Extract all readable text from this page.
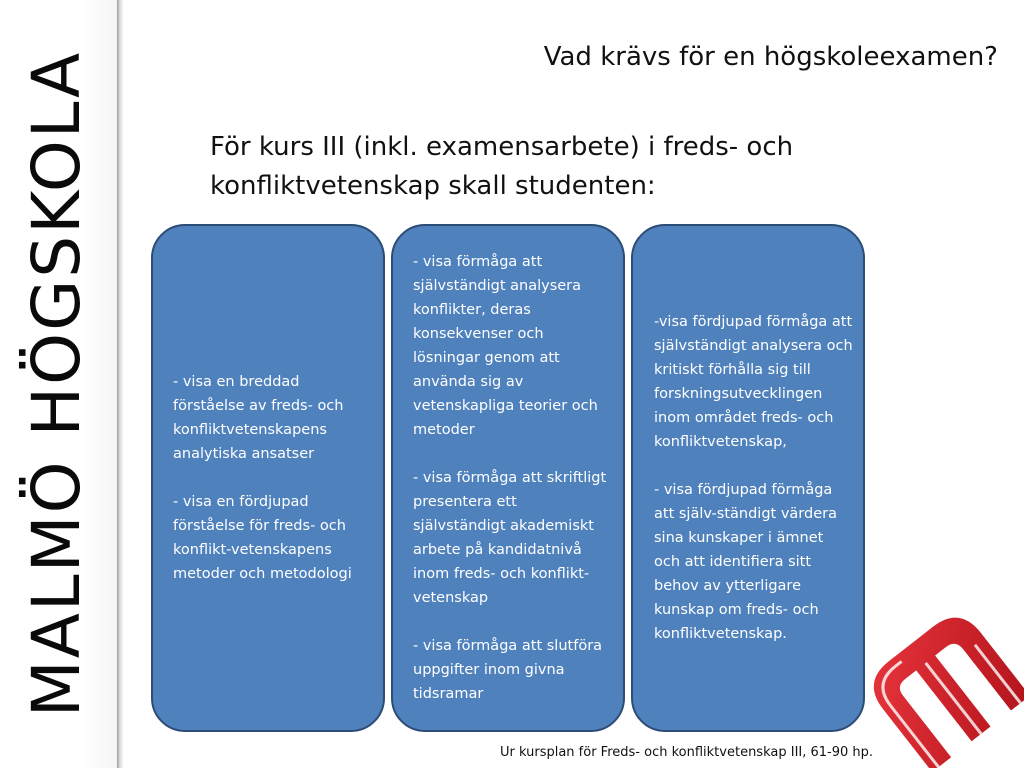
MALMÖ HÖGSKOLA	Vad krävs för en högskoleexamen?
För kurs III (inkl. examensarbete) i freds- och konfliktvetenskap skall studenten:

- visa en breddad förståelse av freds- och konfliktvetenskapens analytiska ansatser

- visa en fördjupad förståelse för freds- och konflikt-vetenskapens metoder och metodologi

- visa förmåga att självständigt analysera konflikter, deras konsekvenser och lösningar genom att använda sig av vetenskapliga teorier och metoder

- visa förmåga att skriftligt presentera ett självständigt akademiskt arbete på kandidatnivå inom freds- och konflikt-vetenskap

- visa förmåga att slutföra uppgifter inom givna tidsramar

-visa fördjupad förmåga att självständigt analysera och kritiskt förhålla sig till forskningsutvecklingen inom området freds- och konfliktvetenskap,

- visa fördjupad förmåga att själv-ständigt värdera sina kunskaper i ämnet och att identifiera sitt behov av ytterligare kunskap om freds- och konfliktvetenskap.

Ur kursplan för Freds- och konfliktvetenskap III, 61-90 hp.
